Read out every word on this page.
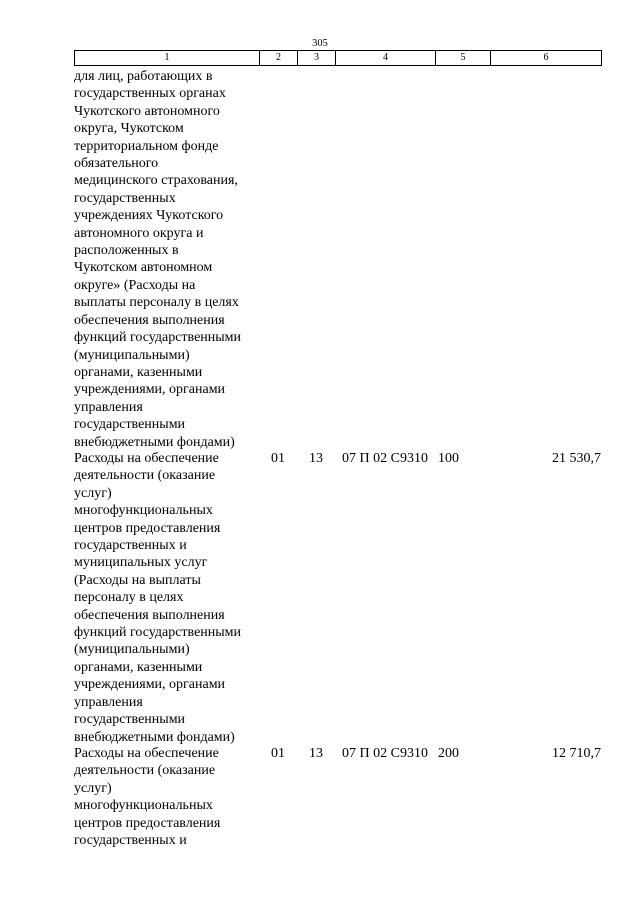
305
1	2	3	4	5	6
для лиц, работающих в
государственных органах
Чукотского автономного
округа, Чукотском
территориальном фонде
обязательного
медицинского страхования,
государственных
учреждениях Чукотского
автономного округа и
расположенных в
Чукотском автономном
округе» (Расходы на
выплаты персоналу в целях
обеспечения выполнения
функций государственными
(муниципальными)
органами, казенными
учреждениями, органами
управления
государственными
внебюджетными фондами)
Расходы на обеспечение
деятельности (оказание
услуг)
многофункциональных
центров предоставления
государственных и
муниципальных услуг
(Расходы на выплаты
персоналу в целях
обеспечения выполнения
функций государственными
(муниципальными)
органами, казенными
учреждениями, органами
управления
государственными
внебюджетными фондами)
01	13	07 П 02 С9310 100	21 530,7
Расходы на обеспечение
деятельности (оказание
услуг)
многофункциональных
центров предоставления
государственных и
01	13	07 П 02 С9310 200	12 710,7
